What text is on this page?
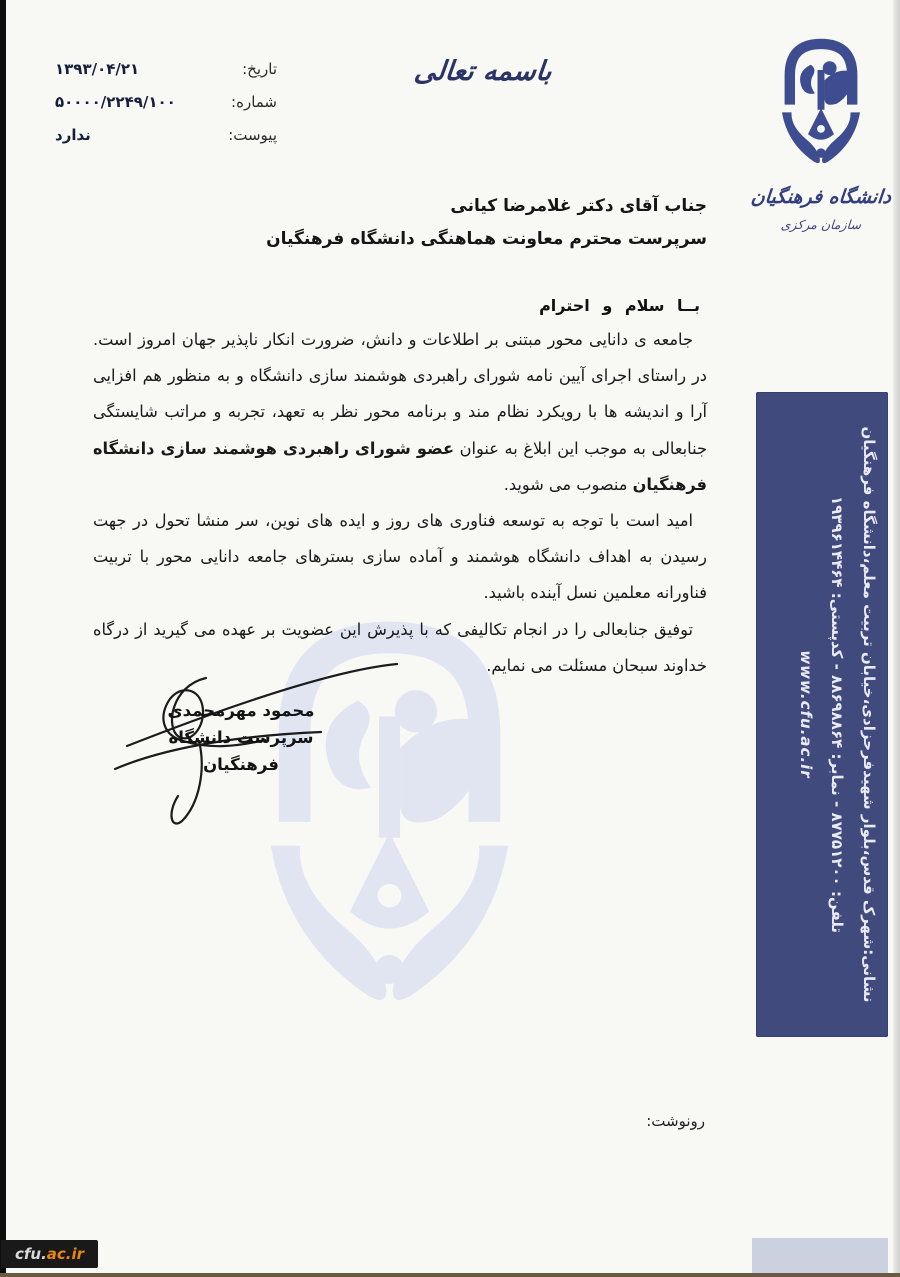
تاریخ:
۱۳۹۳/۰۴/۲۱
شماره:
۵۰۰۰۰/۲۲۴۹/۱۰۰
پیوست:
ندارد
باسمه تعالی
دانشگاه فرهنگیان
سازمان مرکزی
جناب آقای دکتر غلامرضا کیانی
سرپرست محترم معاونت هماهنگی دانشگاه فرهنگیان
بــا سلام و احترام

جامعه ی دانایی محور مبتنی بر اطلاعات و دانش، ضرورت انکار ناپذیر جهان امروز است. در راستای اجرای آیین نامه شورای راهبردی هوشمند سازی دانشگاه و به منظور هم افزایی آرا و اندیشه ها با رویکرد نظام مند و برنامه محور نظر به تعهد، تجربه و مراتب شایستگی جنابعالی به موجب این ابلاغ به عنوان عضو شورای راهبردی هوشمند سازی دانشگاه فرهنگیان منصوب می شوید.

امید است با توجه به توسعه فناوری های روز و ایده های نوین، سر منشا تحول در جهت رسیدن به اهداف دانشگاه هوشمند و آماده سازی بسترهای جامعه دانایی محور با تربیت فناورانه معلمین نسل آینده باشید.

توفیق جنابعالی را در انجام تکالیفی که با پذیرش این عضویت بر عهده می گیرید از درگاه خداوند سبحان مسئلت می نمایم.

محمود مهرمحمدی
سرپرست دانشگاه فرهنگیان
رونوشت:
نشانی:شهرک قدس،بلوار شهیدفرحزادی،خیابان تربیت معلم،دانشگاه فرهنگیان
تلفن: ۸۷۷۵۱۲۰۰ - نمابر: ۸۸۶۹۸۸۶۴ - کدپستی: ۱۹۳۹۶۱۴۴۶۴
www.cfu.ac.ir
cfu. ac.ir
